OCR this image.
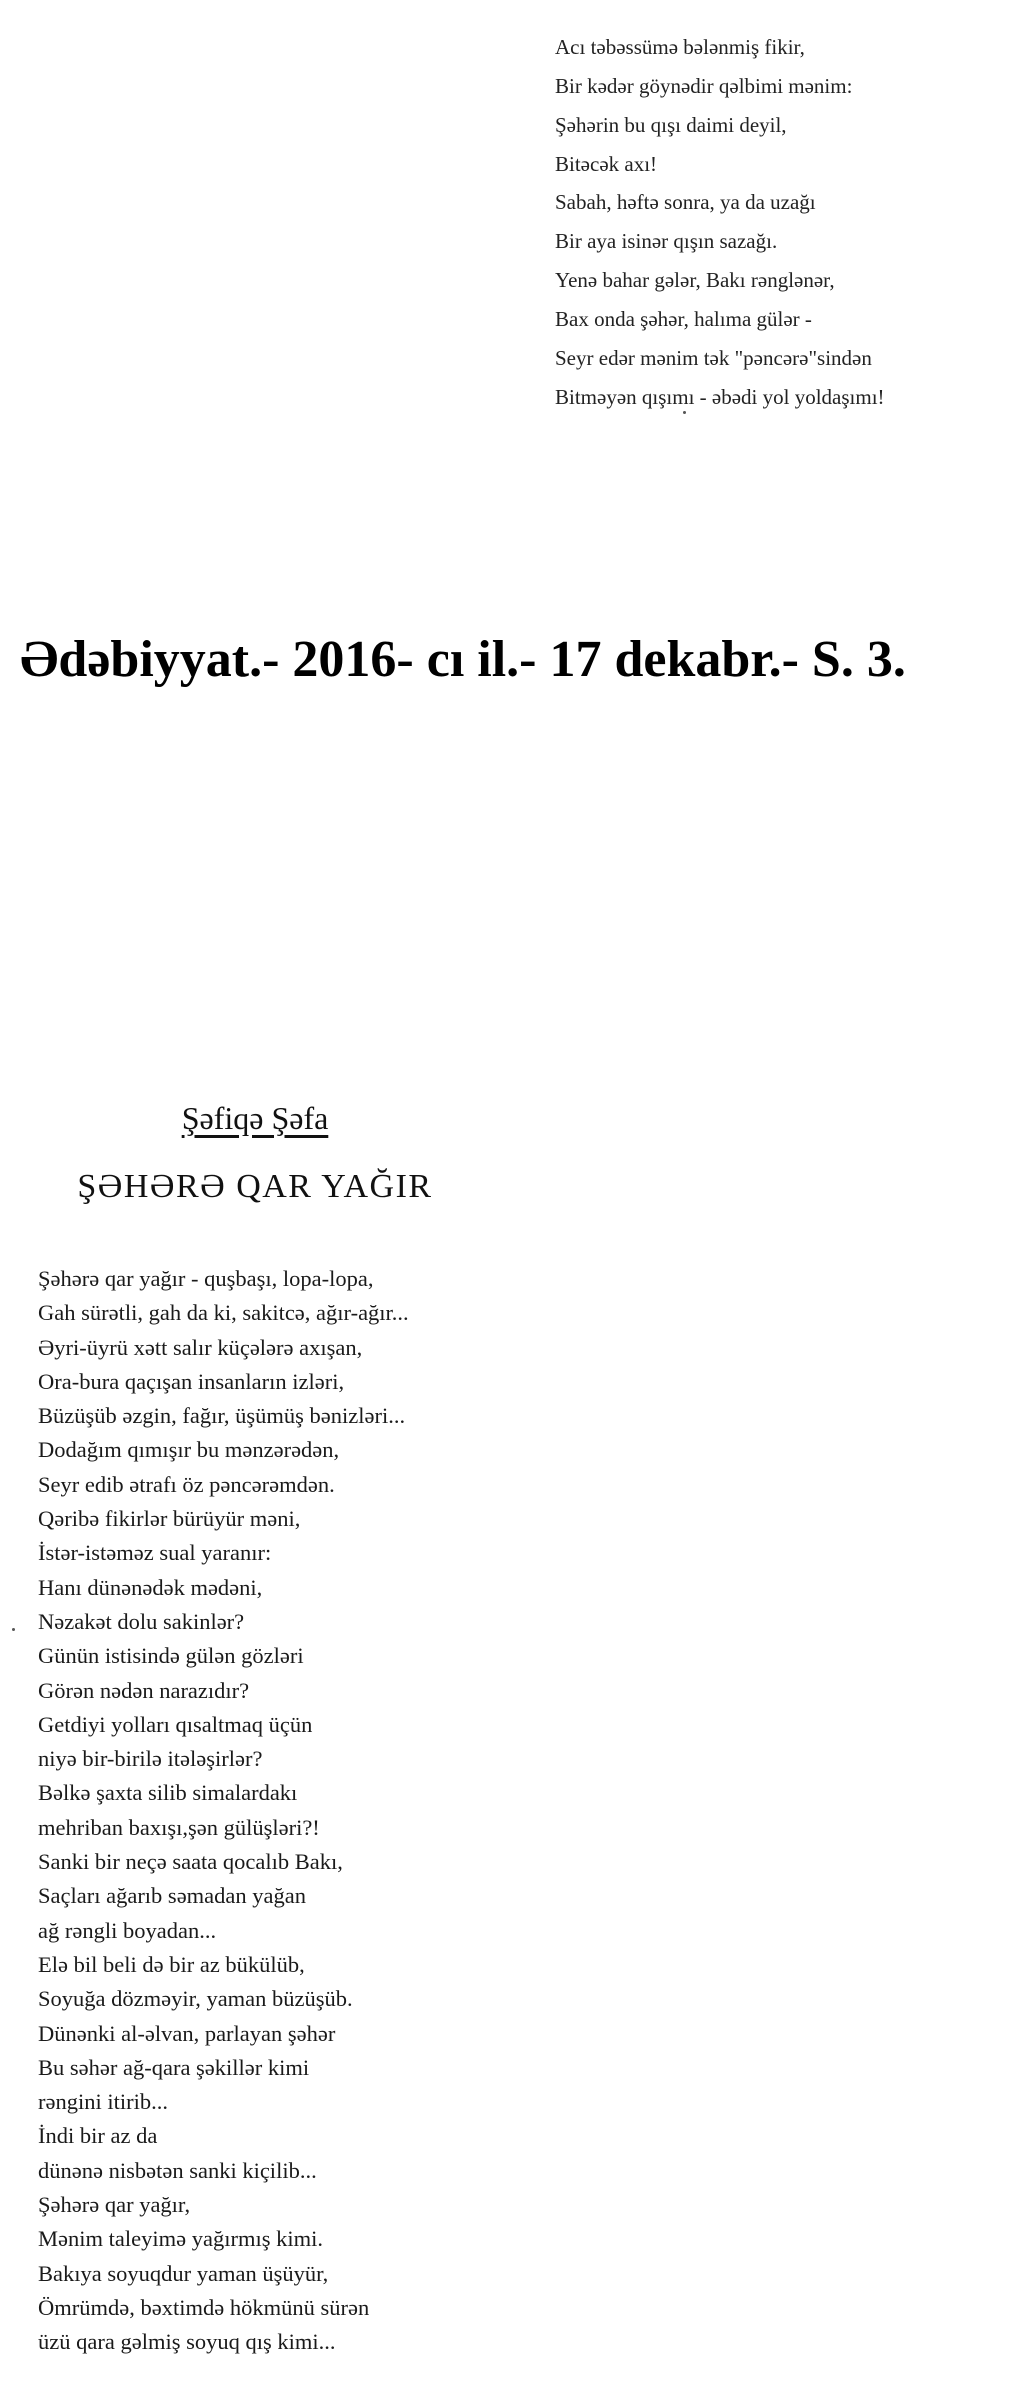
Acı təbəssümə bələnmiş fikir,
Bir kədər göynədir qəlbimi mənim:
Şəhərin bu qışı daimi deyil,
Bitəcək axı!
Sabah, həftə sonra, ya da uzağı
Bir aya isinər qışın sazağı.
Yenə bahar gələr, Bakı rənglənər,
Bax onda şəhər, halıma gülər -
Seyr edər mənim tək "pəncərə"sindən
Bitməyən qışımı - əbədi yol yoldaşımı!
Ədəbiyyat.- 2016- cı il.- 17 dekabr.- S. 3.
Şəfiqə Şəfa
ŞƏHƏRƏ QAR YAĞIR
Şəhərə qar yağır - quşbaşı, lopa-lopa,
Gah sürətli, gah da ki, sakitcə, ağır-ağır...
Əyri-üyrü xətt salır küçələrə axışan,
Ora-bura qaçışan insanların izləri,
Büzüşüb əzgin, fağır, üşümüş bənizləri...
Dodağım qımışır bu mənzərədən,
Seyr edib ətrafı öz pəncərəmdən.
Qəribə fikirlər bürüyür məni,
İstər-istəməz sual yaranır:
Hanı dünənədək mədəni,
Nəzakət dolu sakinlər?
Günün istisində gülən gözləri
Görən nədən narazıdır?
Getdiyi yolları qısaltmaq üçün
niyə bir-birilə itələşirlər?
Bəlkə şaxta silib simalardakı
mehriban baxışı,şən gülüşləri?!
Sanki bir neçə saata qocalıb Bakı,
Saçları ağarıb səmadan yağan
ağ rəngli boyadan...
Elə bil beli də bir az bükülüb,
Soyuğa dözməyir, yaman büzüşüb.
Dünənki al-əlvan, parlayan şəhər
Bu səhər ağ-qara şəkillər kimi
rəngini itirib...
İndi bir az da
dünənə nisbətən sanki kiçilib...
Şəhərə qar yağır,
Mənim taleyimə yağırmış kimi.
Bakıya soyuqdur yaman üşüyür,
Ömrümdə, bəxtimdə hökmünü sürən
üzü qara gəlmiş soyuq qış kimi...
